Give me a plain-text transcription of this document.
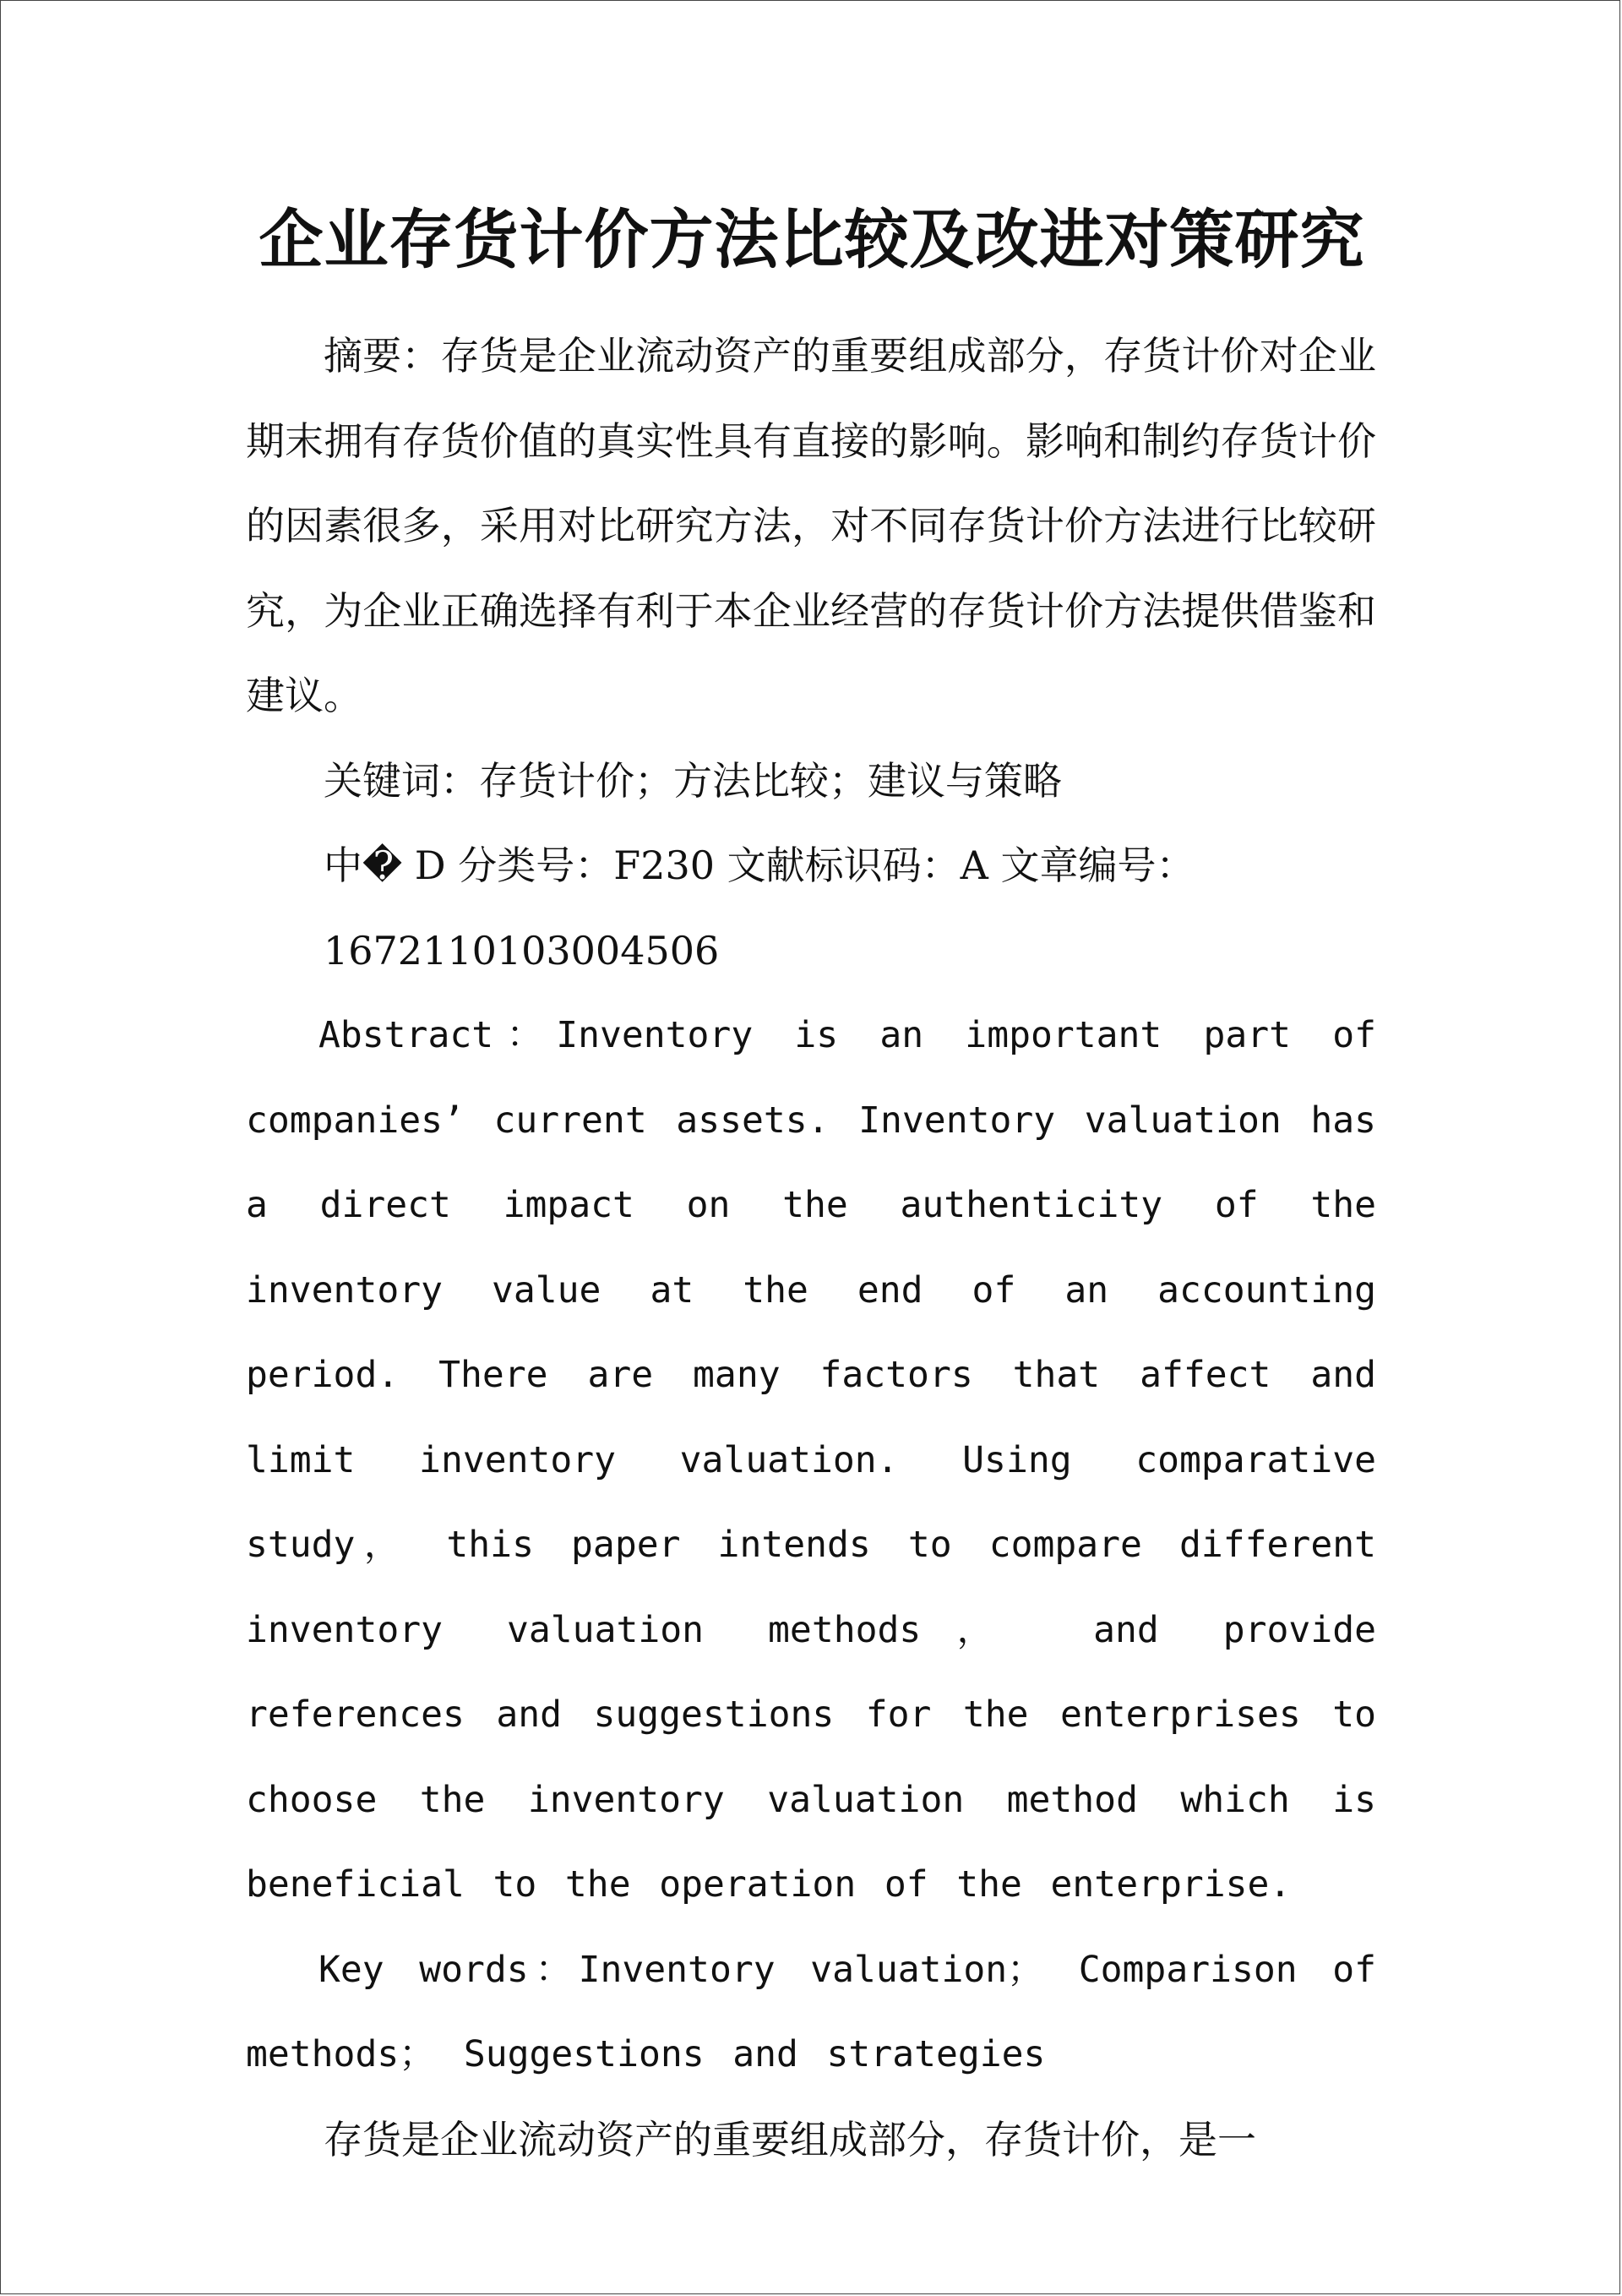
企业存货计价方法比较及改进对策研究

摘要：存货是企业流动资产的重要组成部分，存货计价对企业期末拥有存货价值的真实性具有直接的影响。影响和制约存货计价的因素很多，采用对比研究方法，对不同存货计价方法进行比较研究，为企业正确选择有利于本企业经营的存货计价方法提供借鉴和建议。

关键词：存货计价；方法比较；建议与策略

中� D 分类号：F230 文献标识码：A 文章编号：

1672110103004506

Abstract：Inventory is an important part of companies’ current assets. Inventory valuation has a direct impact on the authenticity of the inventory value at the end of an accounting period. There are many factors that affect and limit inventory valuation. Using comparative study， this paper intends to compare different inventory valuation methods， and provide references and suggestions for the enterprises to choose the inventory valuation method which is beneficial to the operation of the enterprise.

Key words：Inventory valuation； Comparison of methods； Suggestions and strategies

存货是企业流动资产的重要组成部分，存货计价，是一
